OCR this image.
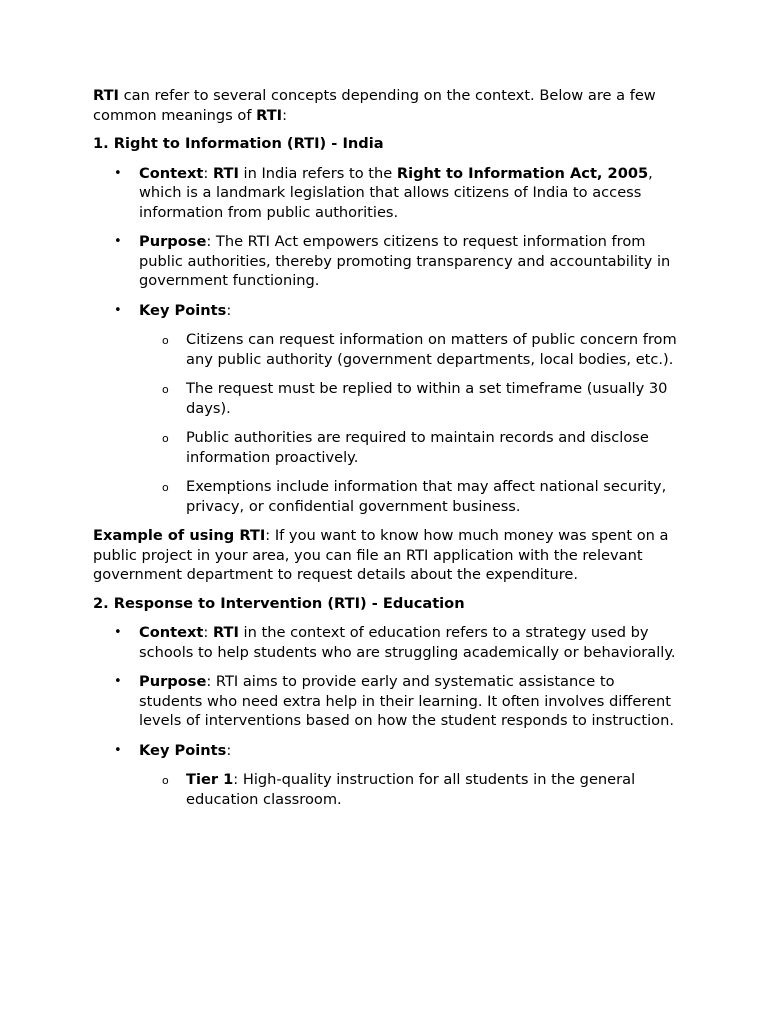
RTI can refer to several concepts depending on the context. Below are a few common meanings of RTI:

1. Right to Information (RTI) - India

• Context: RTI in India refers to the Right to Information Act, 2005, which is a landmark legislation that allows citizens of India to access information from public authorities.
• Purpose: The RTI Act empowers citizens to request information from public authorities, thereby promoting transparency and accountability in government functioning.
• Key Points:
o Citizens can request information on matters of public concern from any public authority (government departments, local bodies, etc.).
o The request must be replied to within a set timeframe (usually 30 days).
o Public authorities are required to maintain records and disclose information proactively.
o Exemptions include information that may affect national security, privacy, or confidential government business.

Example of using RTI: If you want to know how much money was spent on a public project in your area, you can file an RTI application with the relevant government department to request details about the expenditure.

2. Response to Intervention (RTI) - Education

• Context: RTI in the context of education refers to a strategy used by schools to help students who are struggling academically or behaviorally.
• Purpose: RTI aims to provide early and systematic assistance to students who need extra help in their learning. It often involves different levels of interventions based on how the student responds to instruction.
• Key Points:
o Tier 1: High-quality instruction for all students in the general education classroom.
